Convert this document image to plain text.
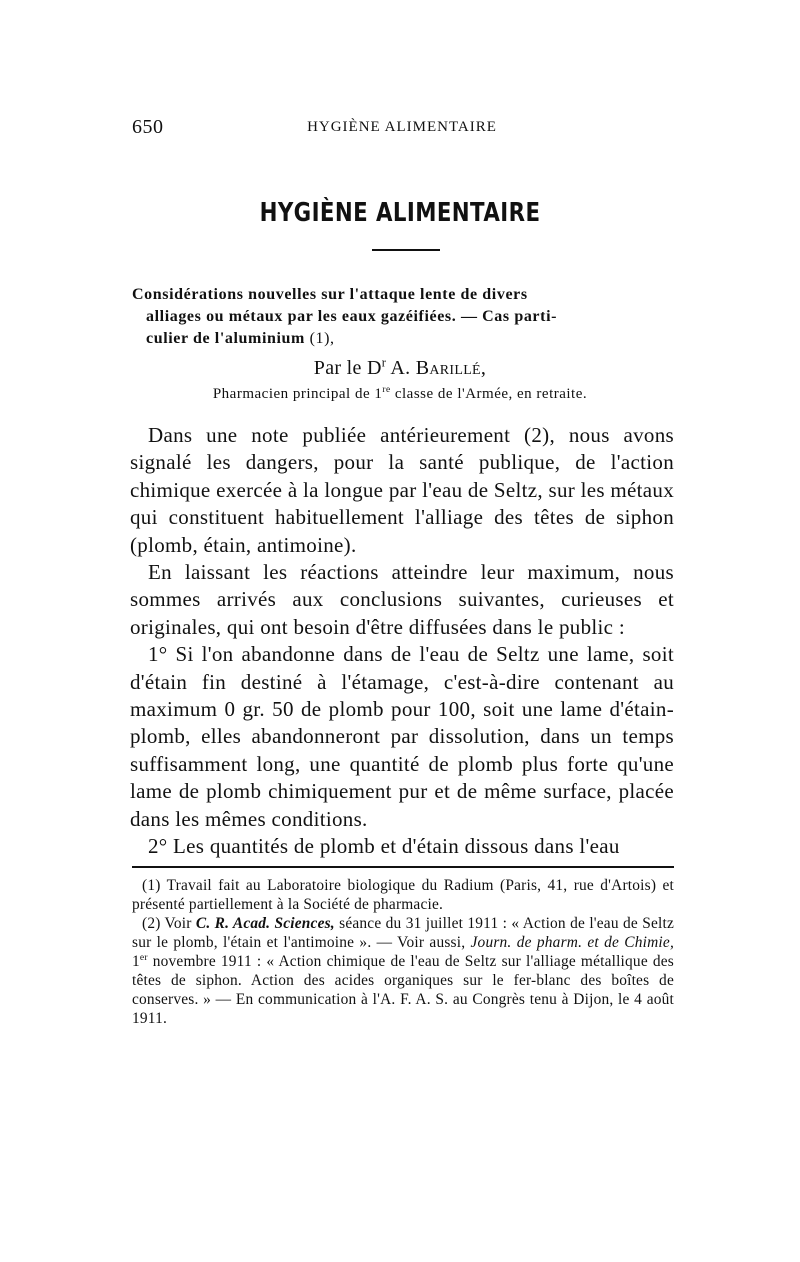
650	HYGIÈNE ALIMENTAIRE
HYGIÈNE ALIMENTAIRE
Considérations nouvelles sur l'attaque lente de divers
alliages ou métaux par les eaux gazéifiées. — Cas parti-
culier de l'aluminium (1),
Par le $D^r$ A. Barillé,
Pharmacien principal de 1re classe de l'Armée, en retraite.

Dans une note publiée antérieurement (2), nous avons signalé les dangers, pour la santé publique, de l'action chimique exercée à la longue par l'eau de Seltz, sur les métaux qui constituent habituellement l'alliage des têtes de siphon (plomb, étain, antimoine).

En laissant les réactions atteindre leur maximum, nous sommes arrivés aux conclusions suivantes, curieuses et originales, qui ont besoin d'être diffusées dans le public :

1° Si l'on abandonne dans de l'eau de Seltz une lame, soit d'étain fin destiné à l'étamage, c'est-à-dire contenant au maximum 0 gr. 50 de plomb pour 100, soit une lame d'étain-plomb, elles abandonneront par dissolution, dans un temps suffisamment long, une quantité de plomb plus forte qu'une lame de plomb chimiquement pur et de même surface, placée dans les mêmes conditions.

2° Les quantités de plomb et d'étain dissous dans l'eau

(1) Travail fait au Laboratoire biologique du Radium (Paris, 41, rue d'Artois) et présenté partiellement à la Société de pharmacie.

(2) Voir C. R. Acad. Sciences, séance du 31 juillet 1911 : « Action de l'eau de Seltz sur le plomb, l'étain et l'antimoine ». — Voir aussi, Journ. de pharm. et de Chimie, 1er novembre 1911 : « Action chimique de l'eau de Seltz sur l'alliage métallique des têtes de siphon. Action des acides organiques sur le fer-blanc des boîtes de conserves. » — En communication à l'A. F. A. S. au Congrès tenu à Dijon, le 4 août 1911.
